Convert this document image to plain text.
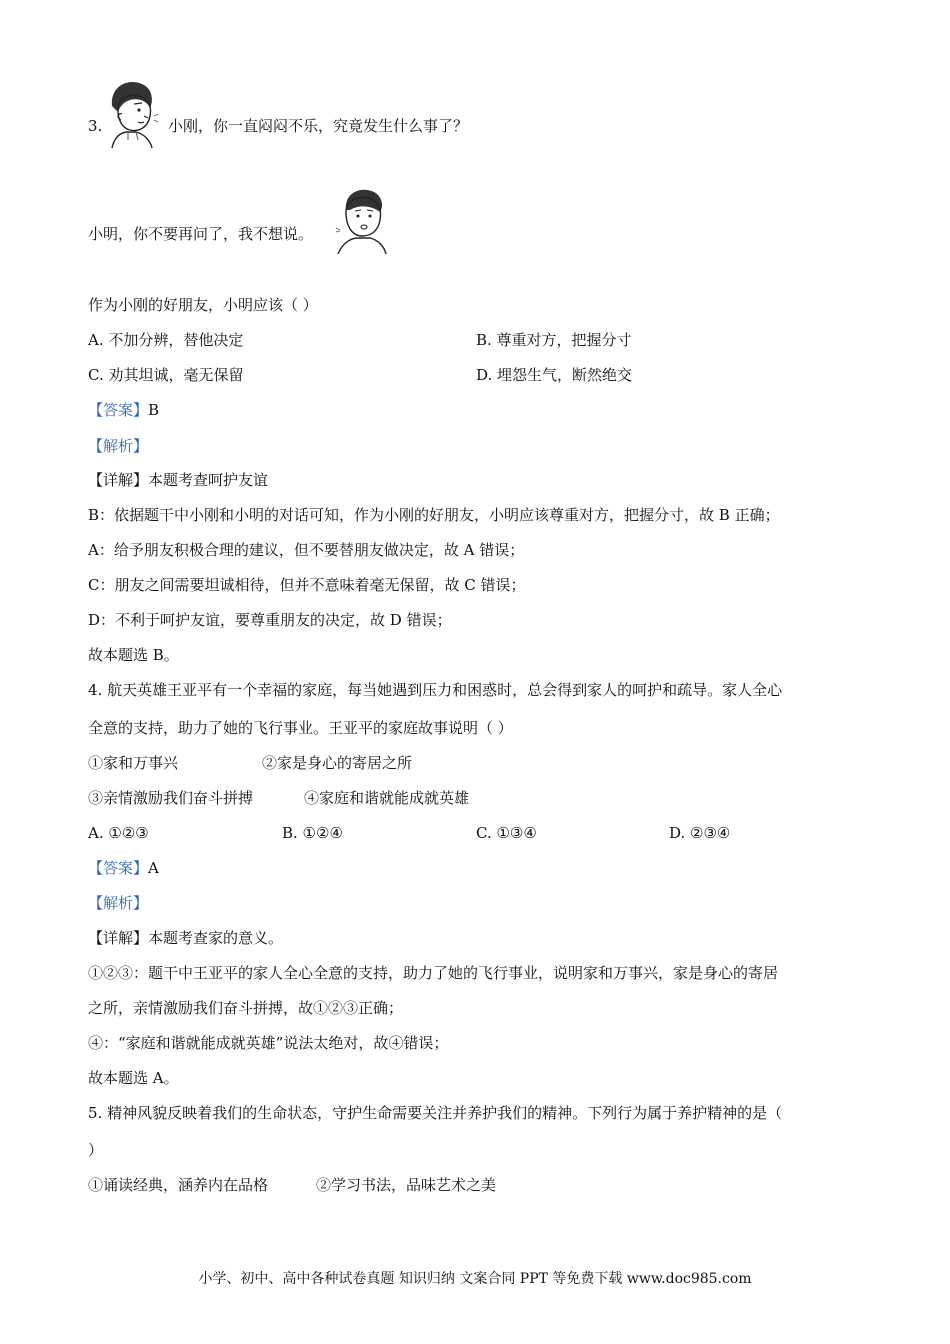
3.	小刚，你一直闷闷不乐，究竟发生什么事了？
小明，你不要再问了，我不想说。
作为小刚的好朋友，小明应该（ ）
A. 不加分辨，替他决定	B. 尊重对方，把握分寸
C. 劝其坦诚，毫无保留	D. 埋怨生气，断然绝交
【答案】B
【解析】
【详解】本题考查呵护友谊
B：依据题干中小刚和小明的对话可知，作为小刚的好朋友，小明应该尊重对方，把握分寸，故 B 正确；
A：给予朋友积极合理的建议，但不要替朋友做决定，故 A 错误；
C：朋友之间需要坦诚相待，但并不意味着毫无保留，故 C 错误；
D：不利于呵护友谊，要尊重朋友的决定，故 D 错误；
故本题选 B。
4. 航天英雄王亚平有一个幸福的家庭，每当她遇到压力和困惑时，总会得到家人的呵护和疏导。家人全心
全意的支持，助力了她的飞行事业。王亚平的家庭故事说明（ ）
①家和万事兴	②家是身心的寄居之所
③亲情激励我们奋斗拼搏	④家庭和谐就能成就英雄
A. ①②③	B. ①②④	C. ①③④	D. ②③④
【答案】A
【解析】
【详解】本题考查家的意义。
①②③：题干中王亚平的家人全心全意的支持，助力了她的飞行事业，说明家和万事兴，家是身心的寄居
之所，亲情激励我们奋斗拼搏，故①②③正确；
④：“家庭和谐就能成就英雄”说法太绝对，故④错误；
故本题选 A。
5. 精神风貌反映着我们的生命状态，守护生命需要关注并养护我们的精神。下列行为属于养护精神的是（
）
①诵读经典，涵养内在品格	②学习书法，品味艺术之美
小学、初中、高中各种试卷真题 知识归纳 文案合同 PPT 等免费下载 www.doc985.com
